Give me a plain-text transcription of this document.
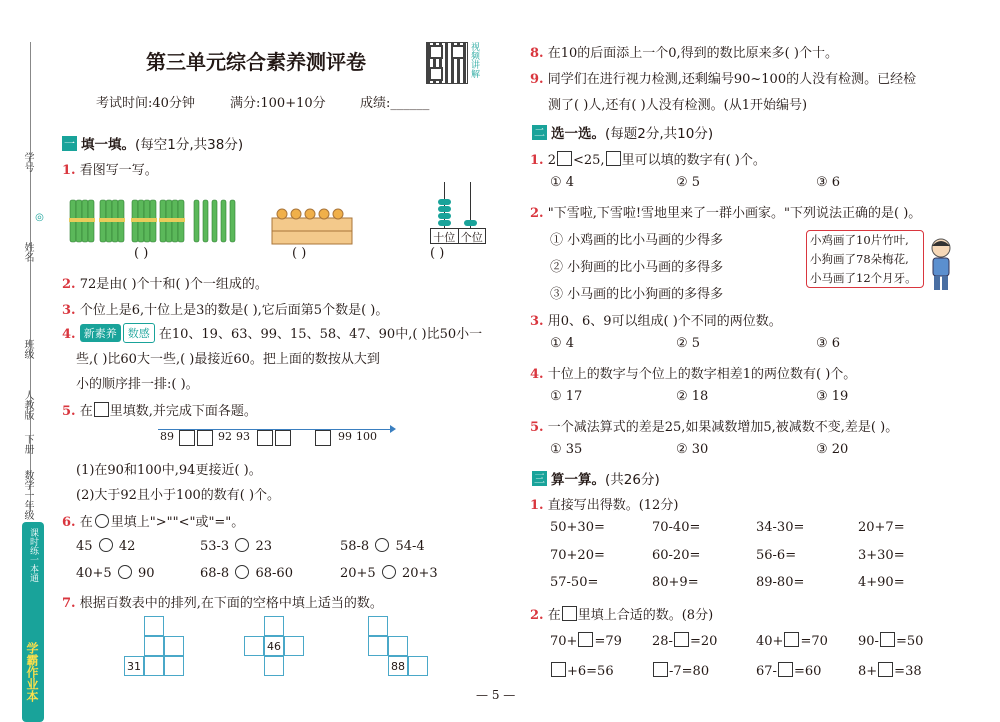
学号
◎
姓名
班级
人教版
下册
数学一年级
课时练一本通
学霸作业本
第三单元综合素养测评卷	视频讲解
考试时间:40分钟	满分:100+10分	成绩:______
一 填一填。 (每空1分,共38分)
1. 看图写一写。
十位 个位
( )	( )	( )
2. 72是由( )个十和( )个一组成的。
3. 个位上是6,十位上是3的数是( ),它后面第5个数是( )。
4. 新素养 数感 在10、19、63、99、15、58、47、90中,( )比50小一
些,( )比60大一些,( )最接近60。把上面的数按从大到
小的顺序排一排:( )。
5. 在 里填数,并完成下面各题。
89	92 93	99 100
(1)在90和100中,94更接近( )。
(2)大于92且小于100的数有( )个。
6. 在 里填上">""<"或"="。
45 42	53-3 23	58-8 54-4
40+5 90	68-8 68-60	20+5 20+3
7. 根据百数表中的排列,在下面的空格中填上适当的数。
31
46
88
8. 在10的后面添上一个0,得到的数比原来多( )个十。
9. 同学们在进行视力检测,还剩编号90~100的人没有检测。已经检
测了( )人,还有( )人没有检测。(从1开始编号)
二 选一选。 (每题2分,共10分)
1. 2 <25, 里可以填的数字有( )个。
① 4	② 5	③ 6
2. "下雪啦,下雪啦!雪地里来了一群小画家。"下列说法正确的是( )。
① 小鸡画的比小马画的少得多
② 小狗画的比小马画的多得多
③ 小马画的比小狗画的多得多
小鸡画了10片竹叶,
小狗画了78朵梅花,
小马画了12个月牙。
3. 用0、6、9可以组成( )个不同的两位数。
① 4	② 5	③ 6
4. 十位上的数字与个位上的数字相差1的两位数有( )个。
① 17	② 18	③ 19
5. 一个减法算式的差是25,如果减数增加5,被减数不变,差是( )。
① 35	② 30	③ 20
三 算一算。 (共26分)
1. 直接写出得数。(12分)
50+30=	70-40=	34-30=	20+7=
70+20=	60-20=	56-6=	3+30=
57-50=	80+9=	89-80=	4+90=
2. 在 里填上合适的数。(8分)
70+ =79 28- =20	40+ =70 90- =50
+6=56	-7=80	67- =60	8+ =38
— 5 —
